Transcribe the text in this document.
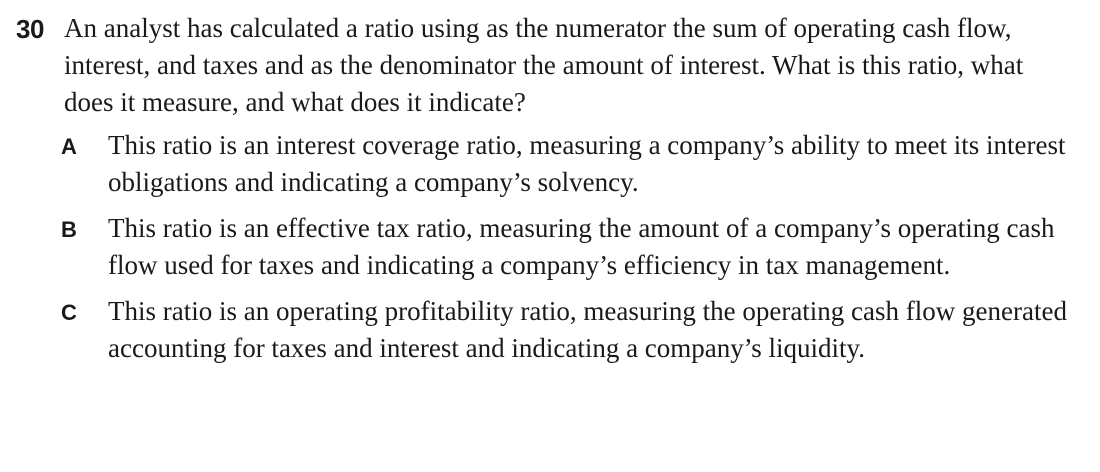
30 An analyst has calculated a ratio using as the numerator the sum of operating cash flow, interest, and taxes and as the denominator the amount of interest. What is this ratio, what does it measure, and what does it indicate?

A This ratio is an interest coverage ratio, measuring a company’s ability to meet its interest obligations and indicating a company’s solvency.
B This ratio is an effective tax ratio, measuring the amount of a company’s operating cash flow used for taxes and indicating a company’s efficiency in tax management.
C This ratio is an operating profitability ratio, measuring the operating cash flow generated accounting for taxes and interest and indicating a company’s liquidity.
